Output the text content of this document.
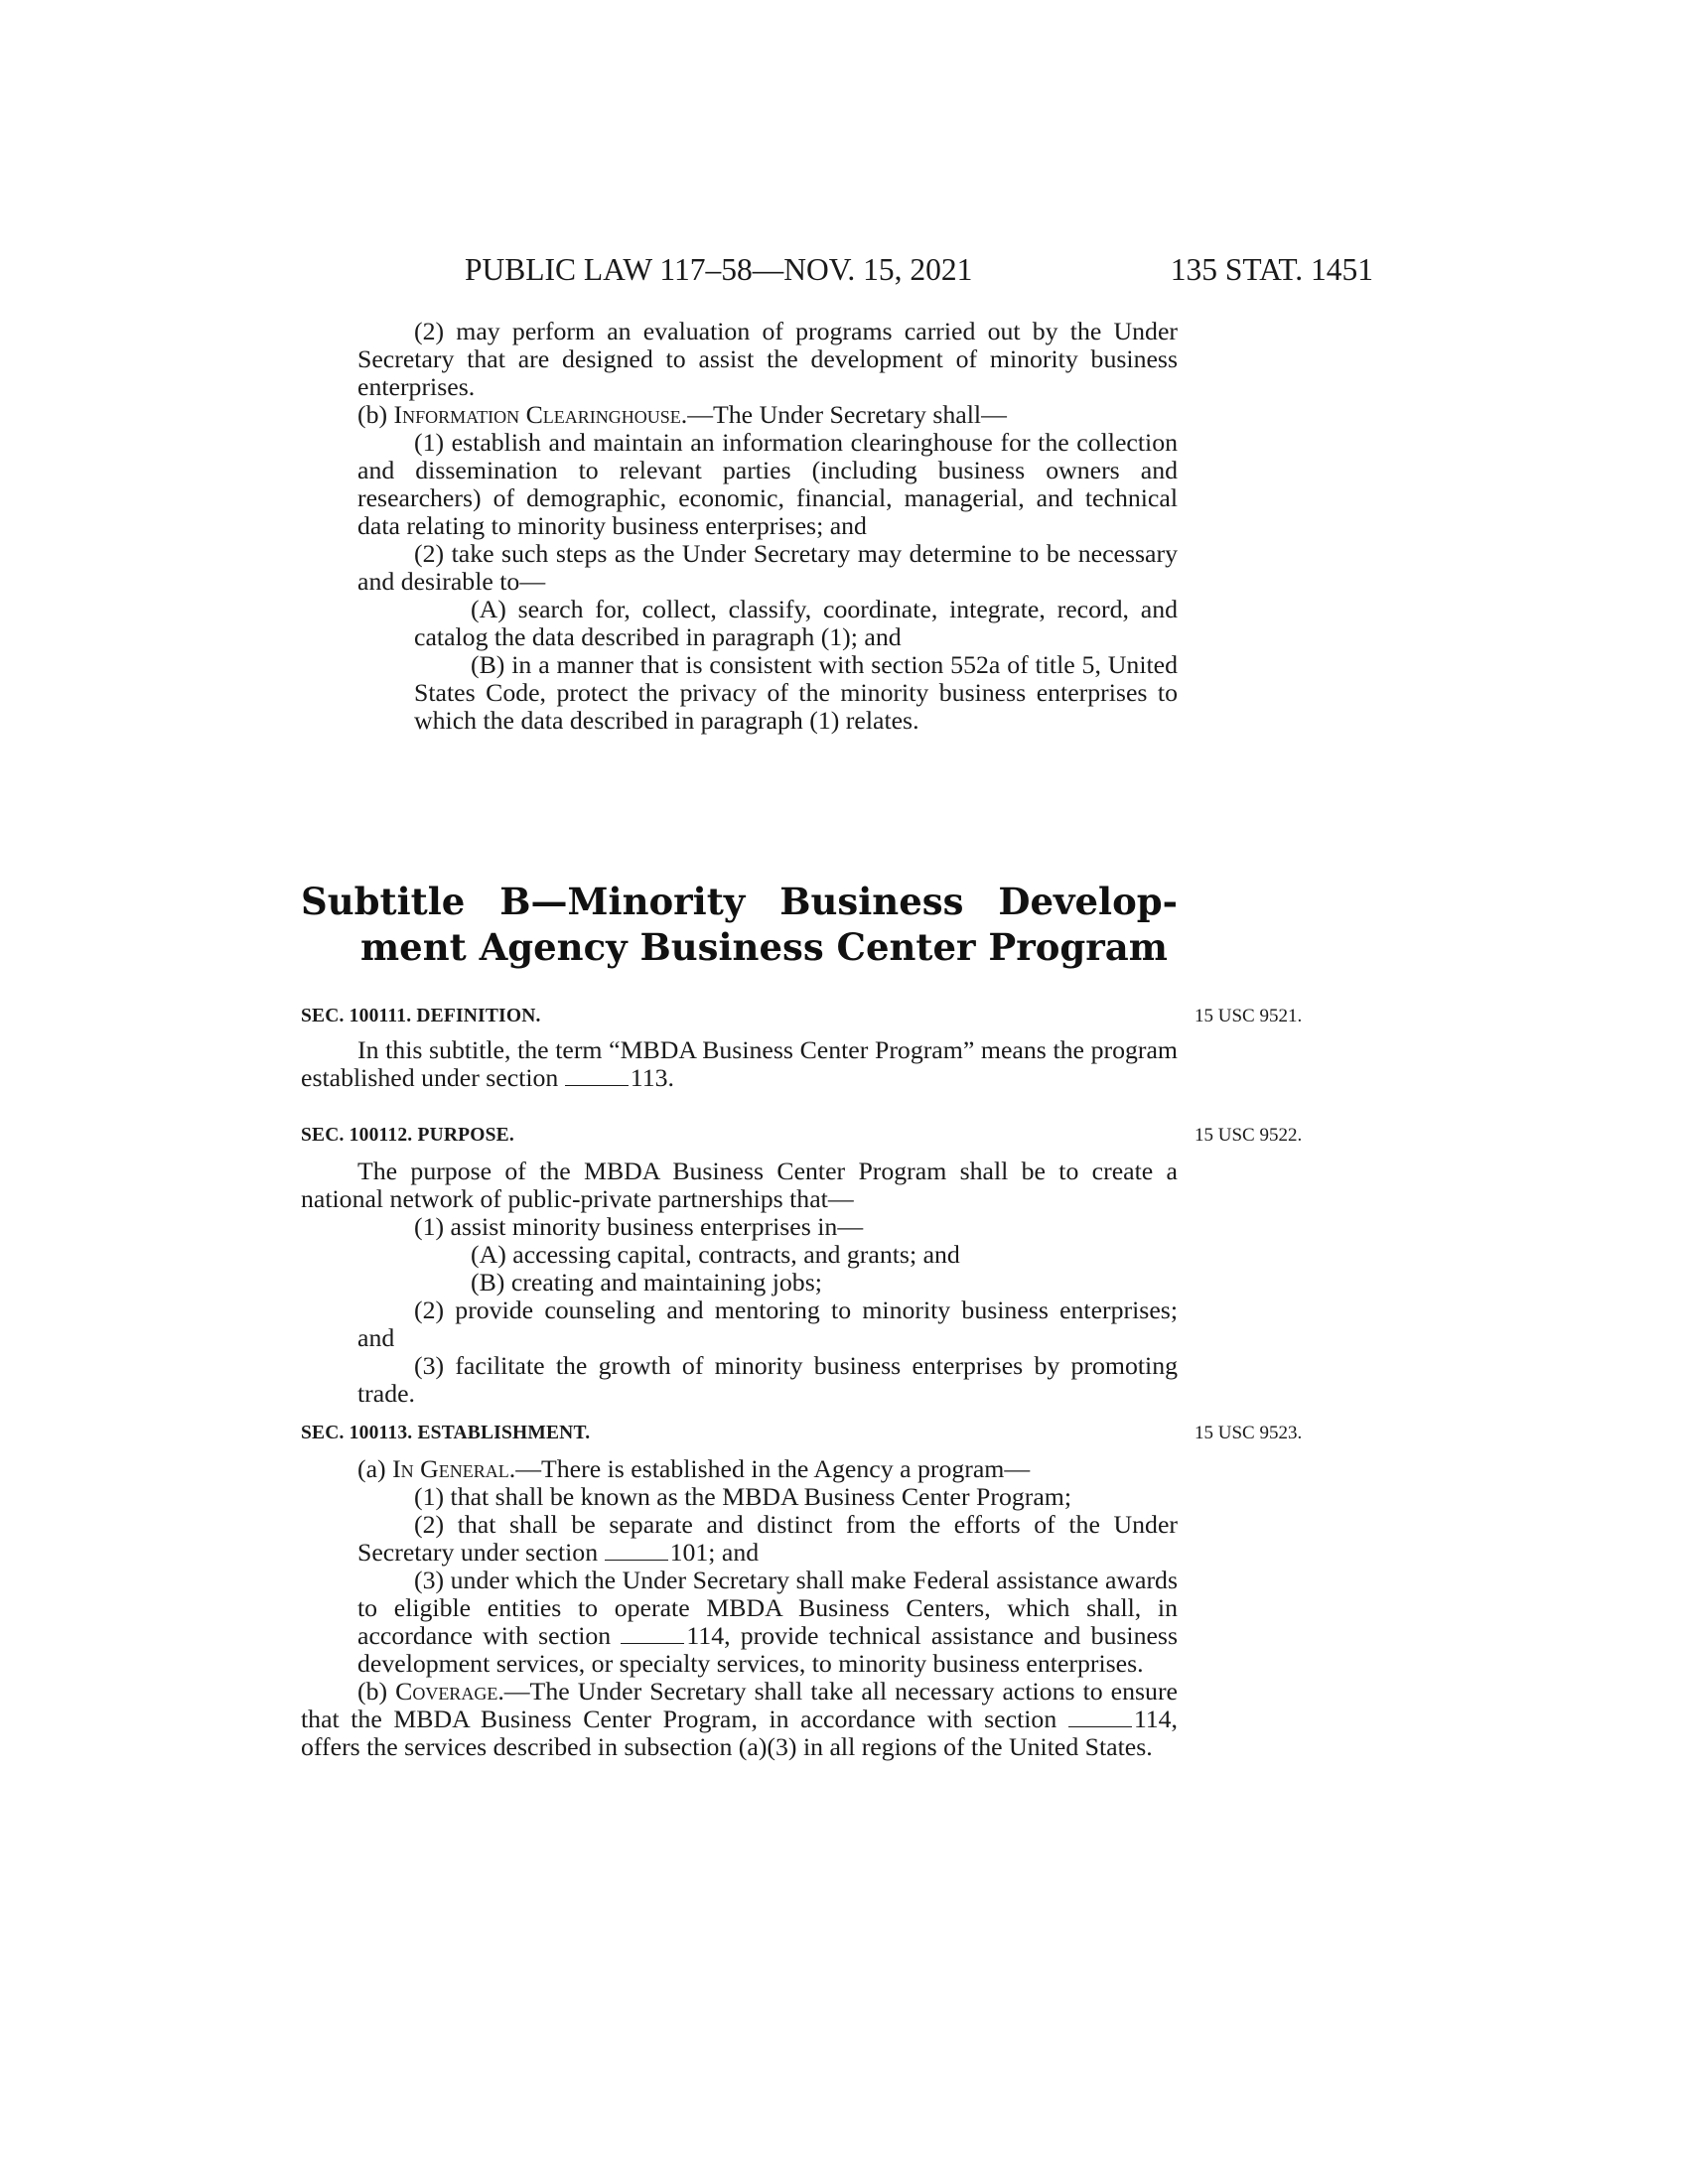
PUBLIC LAW 117–58—NOV. 15, 2021	135 STAT. 1451

(2) may perform an evaluation of programs carried out by the Under Secretary that are designed to assist the development of minority business enterprises.

(b) Information Clearinghouse.—The Under Secretary shall—

(1) establish and maintain an information clearinghouse for the collection and dissemination to relevant parties (including business owners and researchers) of demographic, economic, financial, managerial, and technical data relating to minority business enterprises; and

(2) take such steps as the Under Secretary may determine to be necessary and desirable to—

(A) search for, collect, classify, coordinate, integrate, record, and catalog the data described in paragraph (1); and

(B) in a manner that is consistent with section 552a of title 5, United States Code, protect the privacy of the minority business enterprises to which the data described in paragraph (1) relates.

Subtitle B—Minority Business Develop-
ment Agency Business Center Program
SEC. 100111. DEFINITION.	15 USC 9521.

In this subtitle, the term “MBDA Business Center Program” means the program established under section	113.

SEC. 100112. PURPOSE.	15 USC 9522.

The purpose of the MBDA Business Center Program shall be to create a national network of public-private partnerships that—

(1) assist minority business enterprises in—

(A) accessing capital, contracts, and grants; and

(B) creating and maintaining jobs;

(2) provide counseling and mentoring to minority business enterprises; and

(3) facilitate the growth of minority business enterprises by promoting trade.

SEC. 100113. ESTABLISHMENT.	15 USC 9523.

(a) In General.—There is established in the Agency a program—

(1) that shall be known as the MBDA Business Center Program;

(2) that shall be separate and distinct from the efforts of the Under Secretary under section	101; and

(3) under which the Under Secretary shall make Federal assistance awards to eligible entities to operate MBDA Business Centers, which shall, in accordance with section	114, provide technical assistance and business development services, or specialty services, to minority business enterprises.

(b) Coverage.—The Under Secretary shall take all necessary actions to ensure that the MBDA Business Center Program, in accordance with section	114, offers the services described in subsection (a)(3) in all regions of the United States.
